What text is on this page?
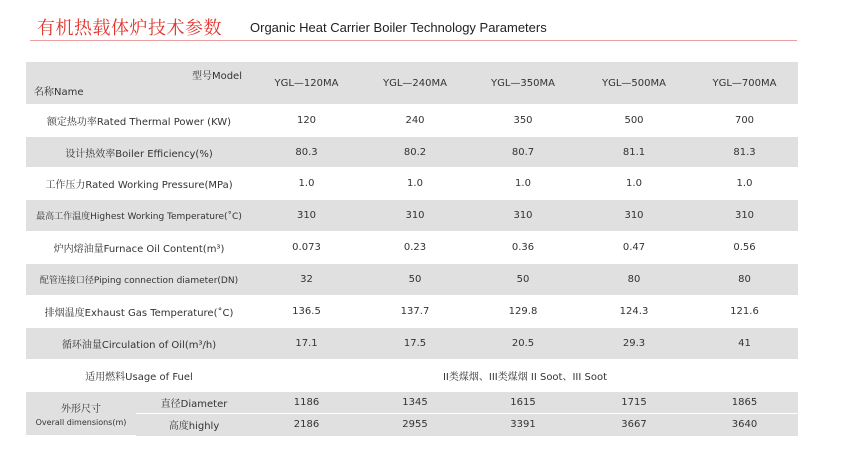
有机热载体炉技术参数 Organic Heat Carrier Boiler Technology Parameters
型号Model
名称Name		YGL—120MA	YGL—240MA	YGL—350MA	YGL—500MA	YGL—700MA
额定热功率Rated Thermal Power (KW)		120	240	350	500	700
设计热效率Boiler Efficiency(%)		80.3	80.2	80.7	81.1	81.3
工作压力Rated Working Pressure(MPa)		1.0	1.0	1.0	1.0	1.0
最高工作温度Highest Working Temperature(˚C)		310	310	310	310	310
炉内熔油量Furnace Oil Content(m³)		0.073	0.23	0.36	0.47	0.56
配管连接口径Piping connection diameter(DN)		32	50	50	80	80
排烟温度Exhaust Gas Temperature(˚C)		136.5	137.7	129.8	124.3	121.6
循环油量Circulation of Oil(m³/h)		17.1	17.5	20.5	29.3	41
适用燃料Usage of Fuel		II类煤烟、III类煤烟 II Soot、III Soot				

外形尺寸
Overall dimensions(m)	直径Diameter	1186	1345	1615	1715	1865
	高度highly	2186	2955	3391	3667	3640
